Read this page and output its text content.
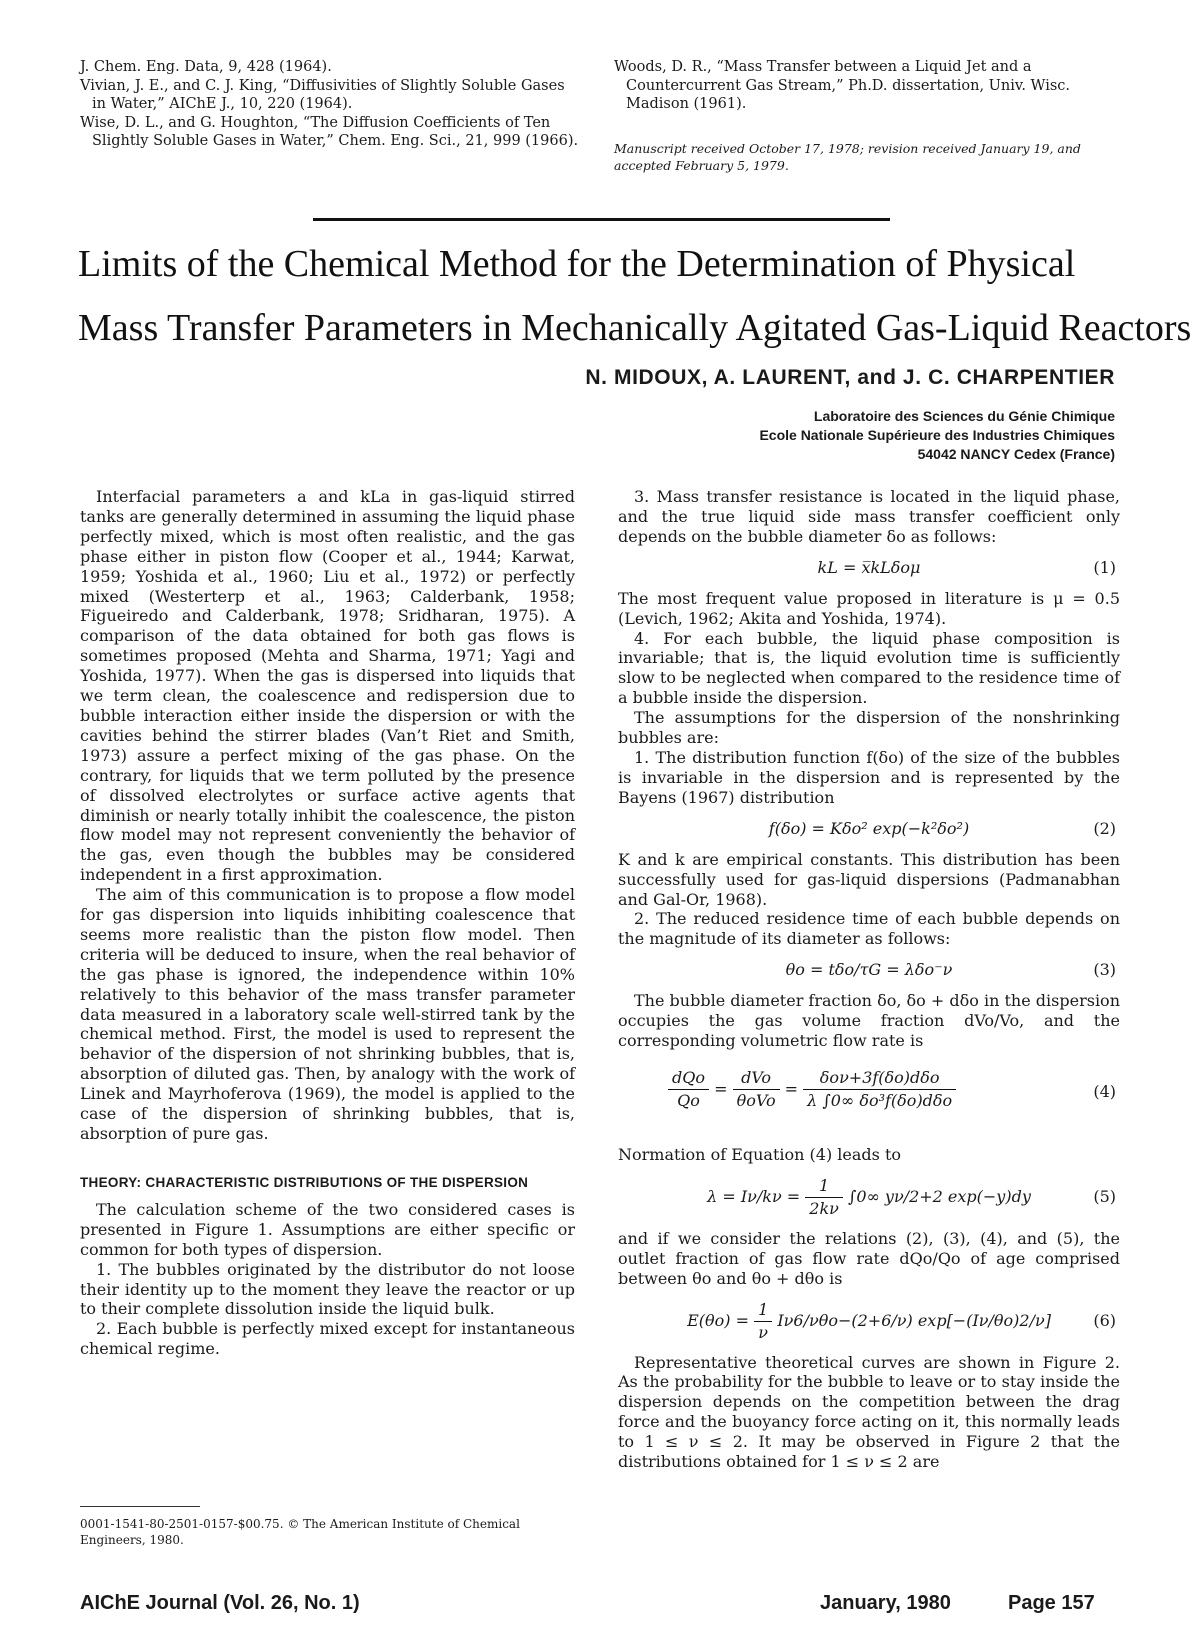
J. Chem. Eng. Data, 9, 428 (1964).
Vivian, J. E., and C. J. King, “Diffusivities of Slightly Soluble Gases in Water,” AIChE J., 10, 220 (1964).
Wise, D. L., and G. Houghton, “The Diffusion Coefficients of Ten Slightly Soluble Gases in Water,” Chem. Eng. Sci., 21, 999 (1966).
Woods, D. R., “Mass Transfer between a Liquid Jet and a Countercurrent Gas Stream,” Ph.D. dissertation, Univ. Wisc. Madison (1961).
Manuscript received October 17, 1978; revision received January 19, and accepted February 5, 1979.
Limits of the Chemical Method for the Determination of Physical
Mass Transfer Parameters in Mechanically Agitated Gas-Liquid Reactors
N. MIDOUX, A. LAURENT, and J. C. CHARPENTIER
Laboratoire des Sciences du Génie Chimique
Ecole Nationale Supérieure des Industries Chimiques
54042 NANCY Cedex (France)

Interfacial parameters a and kLa in gas-liquid stirred tanks are generally determined in assuming the liquid phase perfectly mixed, which is most often realistic, and the gas phase either in piston flow (Cooper et al., 1944; Karwat, 1959; Yoshida et al., 1960; Liu et al., 1972) or perfectly mixed (Westerterp et al., 1963; Calderbank, 1958; Figueiredo and Calderbank, 1978; Sridharan, 1975). A comparison of the data obtained for both gas flows is sometimes proposed (Mehta and Sharma, 1971; Yagi and Yoshida, 1977). When the gas is dispersed into liquids that we term clean, the coalescence and redispersion due to bubble interaction either inside the dispersion or with the cavities behind the stirrer blades (Van’t Riet and Smith, 1973) assure a perfect mixing of the gas phase. On the contrary, for liquids that we term polluted by the presence of dissolved electrolytes or surface active agents that diminish or nearly totally inhibit the coalescence, the piston flow model may not represent conveniently the behavior of the gas, even though the bubbles may be considered independent in a first approximation.

The aim of this communication is to propose a flow model for gas dispersion into liquids inhibiting coalescence that seems more realistic than the piston flow model. Then criteria will be deduced to insure, when the real behavior of the gas phase is ignored, the independence within 10% relatively to this behavior of the mass transfer parameter data measured in a laboratory scale well-stirred tank by the chemical method. First, the model is used to represent the behavior of the dispersion of not shrinking bubbles, that is, absorption of diluted gas. Then, by analogy with the work of Linek and Mayrhoferova (1969), the model is applied to the case of the dispersion of shrinking bubbles, that is, absorption of pure gas.

THEORY: CHARACTERISTIC DISTRIBUTIONS OF THE DISPERSION

The calculation scheme of the two considered cases is presented in Figure 1. Assumptions are either specific or common for both types of dispersion.

1. The bubbles originated by the distributor do not loose their identity up to the moment they leave the reactor or up to their complete dissolution inside the liquid bulk.

2. Each bubble is perfectly mixed except for instantaneous chemical regime.

3. Mass transfer resistance is located in the liquid phase, and the true liquid side mass transfer coefficient only depends on the bubble diameter δo as follows:

kL = x̅kLδoμ	(1)

The most frequent value proposed in literature is μ = 0.5 (Levich, 1962; Akita and Yoshida, 1974).

4. For each bubble, the liquid phase composition is invariable; that is, the liquid evolution time is sufficiently slow to be neglected when compared to the residence time of a bubble inside the dispersion.

The assumptions for the dispersion of the nonshrinking bubbles are:

1. The distribution function f(δo) of the size of the bubbles is invariable in the dispersion and is represented by the Bayens (1967) distribution

f(δo) = Kδo² exp(−k²δo²)	(2)

K and k are empirical constants. This distribution has been successfully used for gas-liquid dispersions (Padmanabhan and Gal-Or, 1968).

2. The reduced residence time of each bubble depends on the magnitude of its diameter as follows:

θo = tδo/τG = λδo⁻ν	(3)

The bubble diameter fraction δo, δo + dδo in the dispersion occupies the gas volume fraction dVo/Vo, and the corresponding volumetric flow rate is

$\frac{\text{dQo}}{Qo} = \frac{\text{dVo}}{\text{θoVo}} = \frac{\text{δoν+3f(δo)dδo}}{\text{λ ∫0∞ δo³f(δo)dδo}}$	(4)

Normation of Equation (4) leads to

$\lambda = I\nu/k\nu = \frac{1}{2k\nu} \int 0\infty$ yν/2+2 exp(−y)dy	(5)

and if we consider the relations (2), (3), (4), and (5), the outlet fraction of gas flow rate dQo/Qo of age comprised between θo and θo + dθo is

$E(\theta o) = \frac{1}{\nu} I\nu 6/\nu\theta o-(2+6/\nu)$ exp[−(Iν/θo)2/ν]	(6)

Representative theoretical curves are shown in Figure 2. As the probability for the bubble to leave or to stay inside the dispersion depends on the competition between the drag force and the buoyancy force acting on it, this normally leads to 1 ≤ ν ≤ 2. It may be observed in Figure 2 that the distributions obtained for 1 ≤ ν ≤ 2 are

0001-1541-80-2501-0157-$00.75. © The American Institute of Chemical Engineers, 1980.
AIChE Journal (Vol. 26, No. 1)	January, 1980	Page 157
